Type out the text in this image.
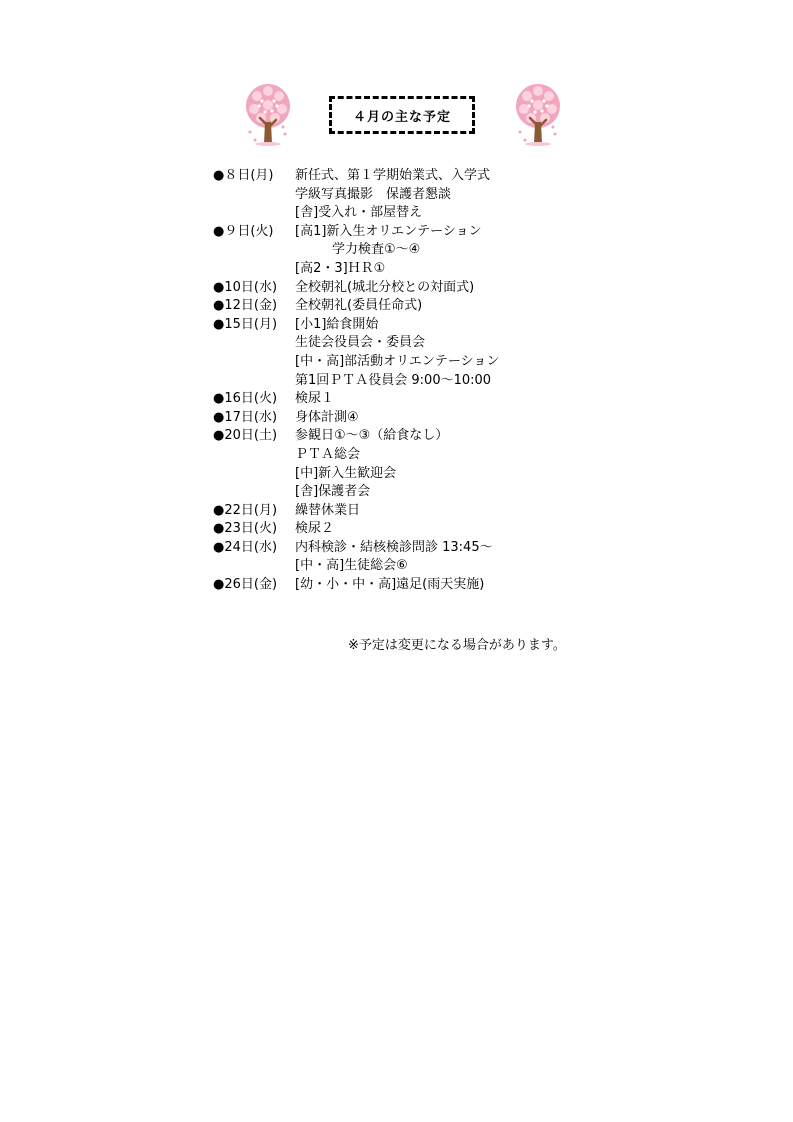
４月の主な予定
●８日(月)	新任式、第１学期始業式、入学式
学級写真撮影　保護者懇談
[舎]受入れ・部屋替え
●９日(火)	[高1]新入生オリエンテーション
学力検査①～④
[高2・3]ＨＲ①
●10日(水)	全校朝礼(城北分校との対面式)
●12日(金)	全校朝礼(委員任命式)
●15日(月)	[小1]給食開始
生徒会役員会・委員会
[中・高]部活動オリエンテーション
第1回ＰＴＡ役員会 9:00～10:00
●16日(火)	検尿１
●17日(水)	身体計測④
●20日(土)	参観日①～③（給食なし）
ＰＴＡ総会
[中]新入生歓迎会
[舎]保護者会
●22日(月)	繰替休業日
●23日(火)	検尿２
●24日(水)	内科検診・結核検診問診 13:45～
[中・高]生徒総会⑥
●26日(金)	[幼・小・中・高]遠足(雨天実施)
※予定は変更になる場合があります。
